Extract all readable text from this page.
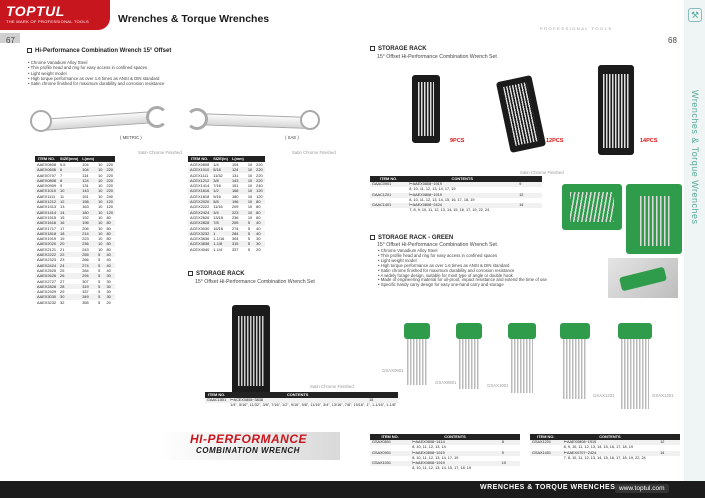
TOPTUL
THE MARK OF PROFESSIONAL TOOLS	Wrenches & Torque Wrenches
PROFESSIONAL TOOLS
67	68
⚒
Wrenches & Torque Wrenches
Hi-Performance Combination Wrench 15° Offset
• Chrome Vanadium Alloy Steel
• Thin profile head and ring for easy access in confined spaces
• Light weight model
• High torque performance as over 1.6 times as ANSI & DIN standard
• Satin chrome finished for maximum durability and corrosion resistance
( METRIC )	( SAE )
Satin Chrome Finished
ITEM NO.	SIZE(mm)	L(mm)		
AAEX0808	5.5	104	10	220
AAEX0606	6	104	10	220
AAEX0707	7	114	10	220
AAEX0808	8	124	10	220
AAEX0909	9	131	10	220
AAEX1010	10	143	10	220
AAEX1111	11	151	10	240
AAEX1212	12	158	10	120
AAEX1313	13	163	10	120
AAEX1414	14	180	10	120
AAEX1515	15	192	10	80
AAEX1616	16	196	10	80
AAEX1717	17	206	10	80
AAEX1818	18	214	10	80
AAEX1919	19	223	10	80
AAEX2020	20	236	10	80
AAEX2121	21	243	10	80
AAEX2222	22	255	5	40
AAEX2323	23	266	5	40
AAEX2424	24	274	5	40
AAEX2525	25	284	5	40
AAEX2626	26	294	5	30
AAEX2727	27	307	5	30
AAEX2828	28	319	5	30
AAEX2929	29	337	5	30
AAEX3030	30	349	5	30
AAEX3232	32	355	5	20
Satin Chrome Finished
ITEM NO.	SIZE(in)	L(mm)		
ACEX0808	1/4	104	10	220
ACEX1010	5/16	124	10	220
ACEX1111	11/32	131	10	220
ACEX1212	3/8	143	10	220
ACEX1414	7/16	151	10	240
ACEX1616	1/2	168	10	120
ACEX1818	9/16	180	10	120
ACEX2020	5/8	196	10	80
ACEX2222	11/16	209	10	80
ACEX2424	3/4	223	10	80
ACEX2626	13/16	236	10	80
ACEX2828	7/8	255	5	40
ACEX3030	15/16	274	5	40
ACEX3232	1	284	5	40
ACEX3636	1-1/16	304	5	30
ACEX3838	1-1/8	315	5	30
ACEX4040	1-1/4	337	5	20
STORAGE RACK
15° Offset Hi-Performance Combination Wrench Set
Satin Chrome Finished
ITEM NO.	CONTENTS	
GAAC1501	⊢ACEX0808~3838	15
	1/4", 5/16", 11/32", 3/8", 7/16", 1/2", 9/16", 5/8", 11/16", 3/4", 13/16", 7/8", 15/16", 1", 1-1/16", 1-1/8"	
HI-PERFORMANCE
COMBINATION WRENCH
STORAGE RACK
15° Offset Hi-Performance Combination Wrench Set
9PCS	12PCS	14PCS
Satin Chrome Finished
ITEM NO.	CONTENTS	
GAAC0901	⊢AAEX0808~1919	9
	8, 10, 11, 12, 13, 14, 17, 19	
GAAC1201	⊢AAEX0808~1919	12
	8, 10, 11, 12, 13, 14, 15, 16, 17, 18, 19	
GAAC1401	⊢AAEX0808~2424	14
	7, 8, 9, 10, 11, 12, 13, 14, 15, 16, 17, 19, 22, 24	
STORAGE RACK - GREEN
15° Offset Hi-Performance Combination Wrench Set
• Chrome Vanadium Alloy Steel
• Thin profile head and ring for easy access in confined spaces
• Light weight model
• High torque performance as over 1.6 times as ANSI & DIN standard
• Satin chrome finished for maximum durability and corrosion resistance
• A widely forage design, suitable for most type of angle or double hook
• Made of engineering material for oil-proof, impact resistance and extend the time of use
• Specific handy carry design for easy one-hand carry and storage
GSAX0901
GSAX0801
GSAX1001
GSAX1201	GSAX1401
ITEM NO.	CONTENTS	
GSAX0801	⊢AAEX0808~1414	8
	8, 10, 11, 12, 13, 14	
GSAX0901	⊢AAEX0808~1919	9
	8, 10, 11, 12, 13, 14, 17, 19	
GSAX1001	⊢AAEX0808~1919	10
	8, 10, 11, 12, 13, 14, 15, 17, 18, 19	
ITEM NO.	CONTENTS	
GSAX1201	⊢AAEX0808~1919	12
	8, 9, 10, 11, 12, 13, 14, 15, 16, 17, 18, 19	
GSAX1401	⊢AAEX0707~2424	14
	7, 8, 10, 11, 12, 13, 14, 15, 16, 17, 18, 19, 22, 24	
WRENCHES & TORQUE WRENCHES www.toptul.com
